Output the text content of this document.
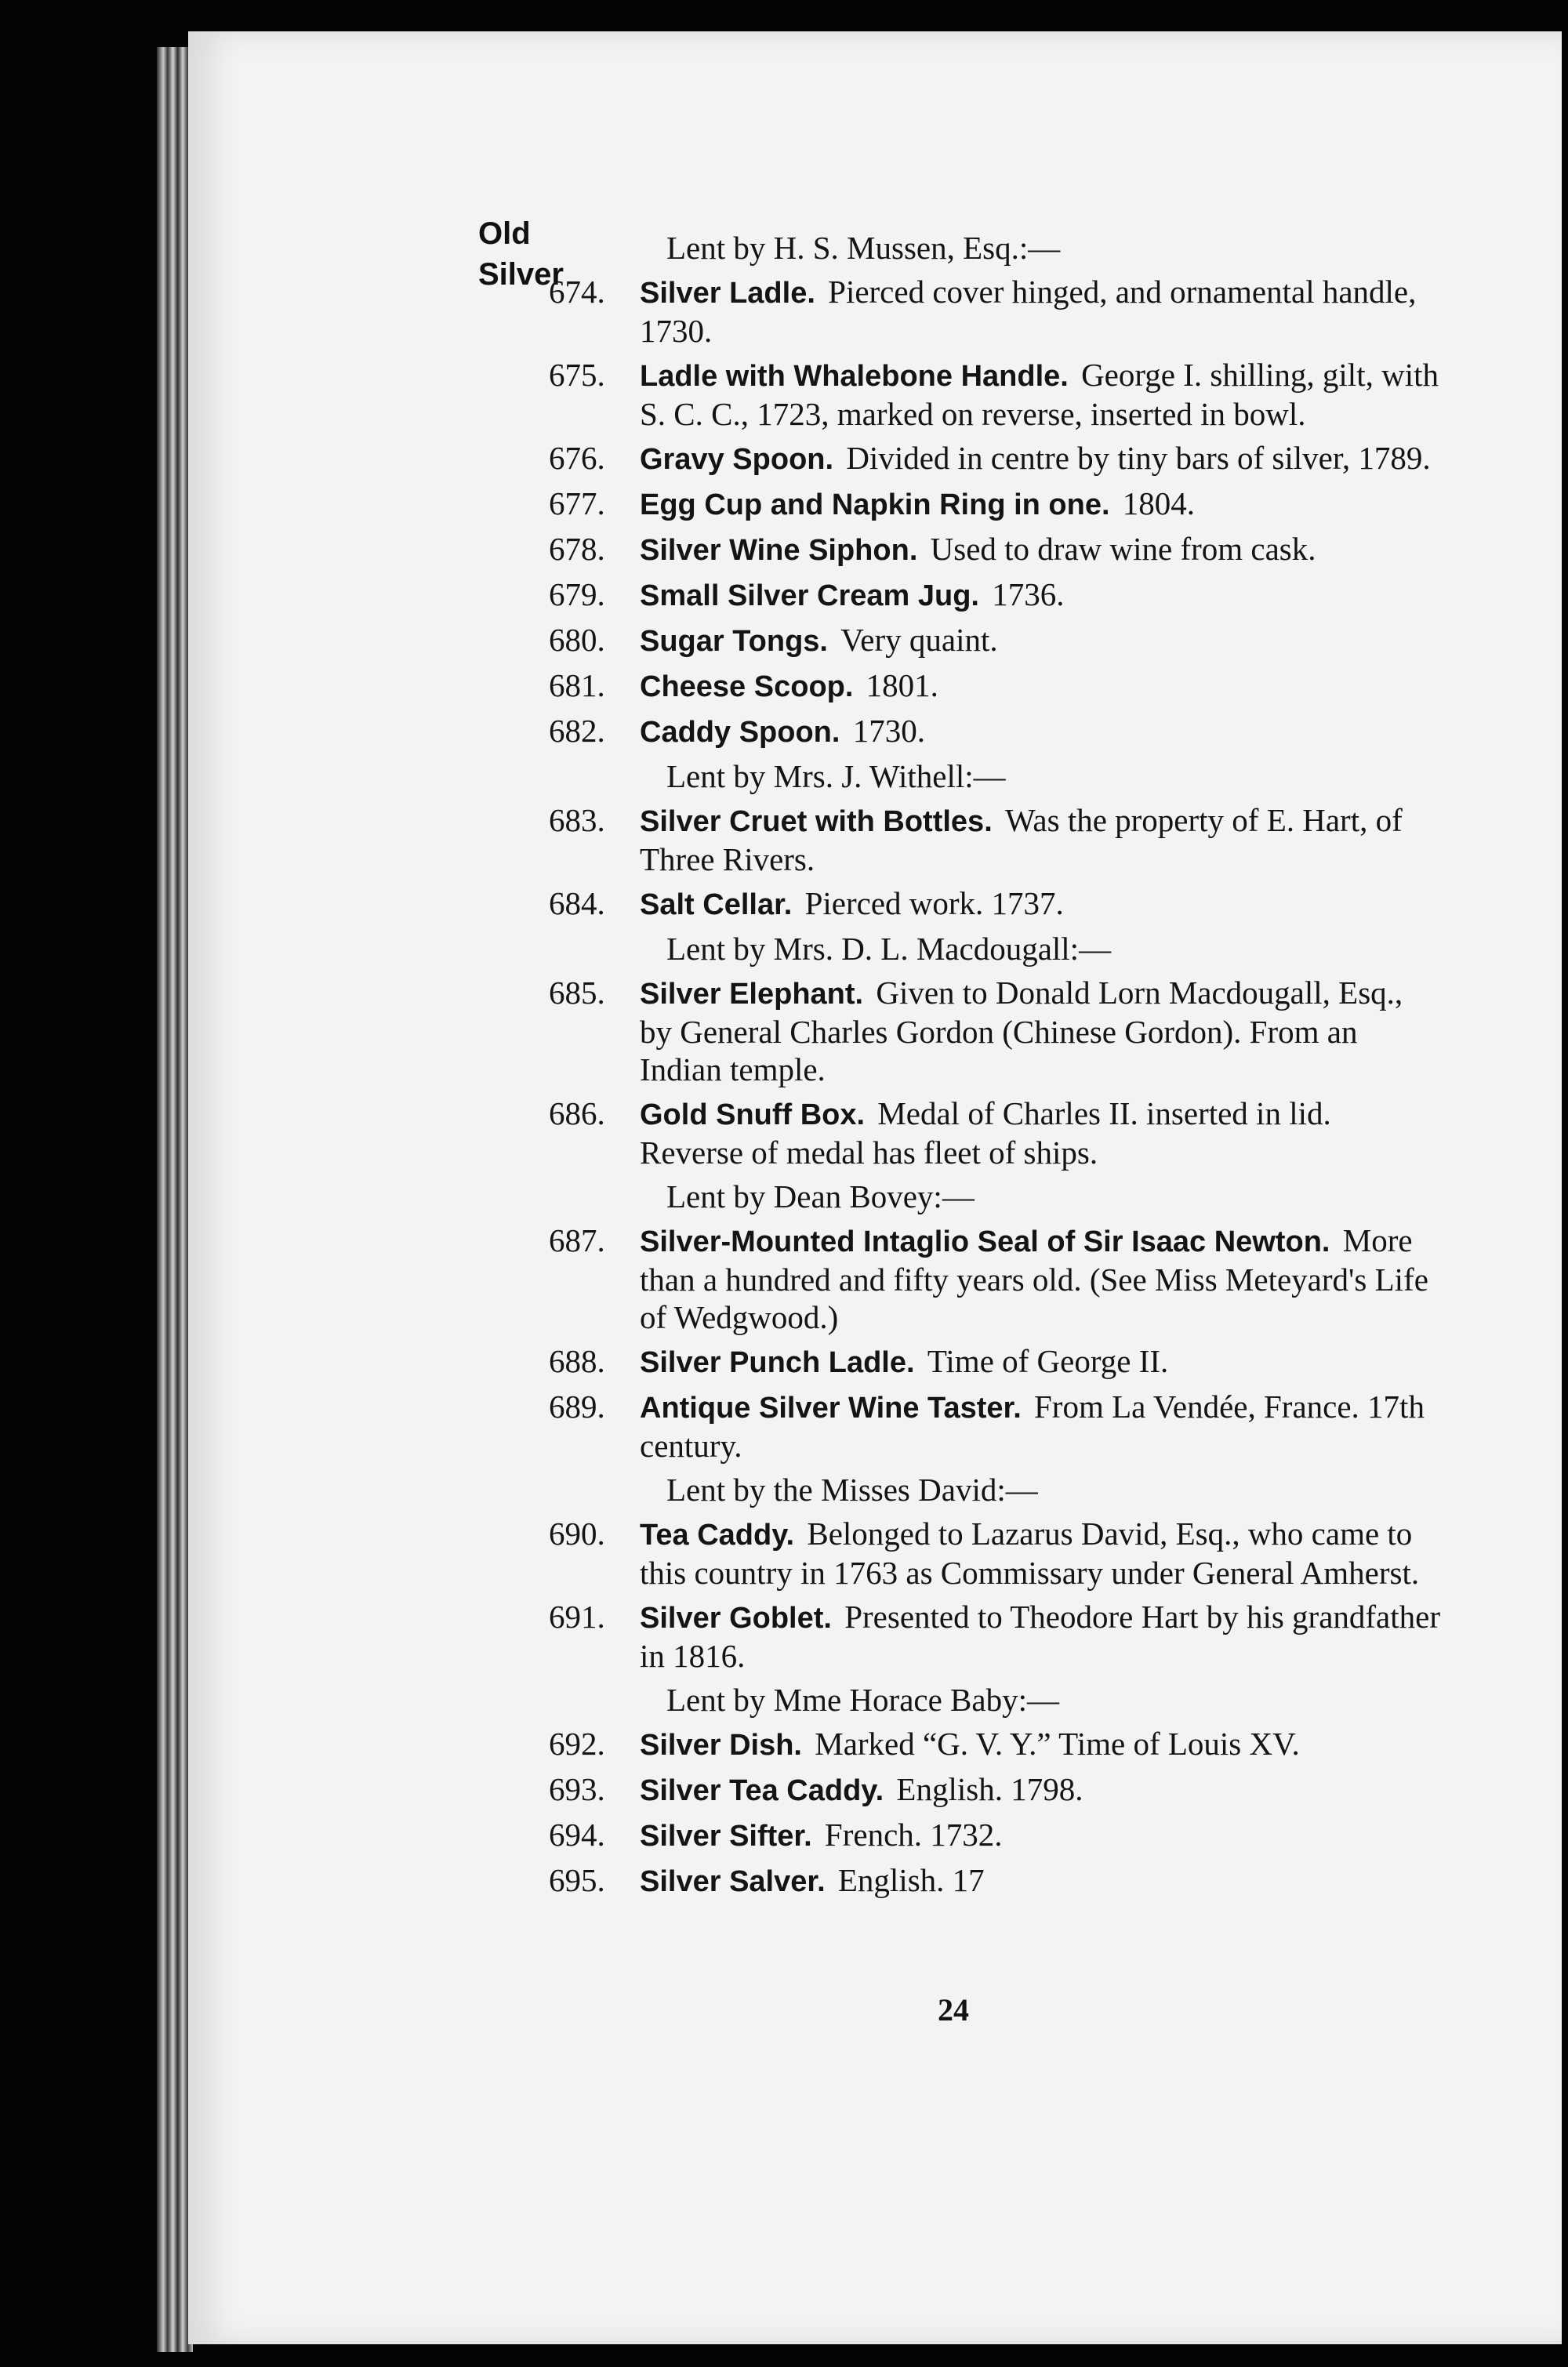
Old
Silver
Lent by H. S. Mussen, Esq.:—
674. Silver Ladle. Pierced cover hinged, and ornamental handle, 1730.
675. Ladle with Whalebone Handle. George I. shilling, gilt, with S. C. C., 1723, marked on reverse, inserted in bowl.
676. Gravy Spoon. Divided in centre by tiny bars of silver, 1789.
677. Egg Cup and Napkin Ring in one. 1804.
678. Silver Wine Siphon. Used to draw wine from cask.
679. Small Silver Cream Jug. 1736.
680. Sugar Tongs. Very quaint.
681. Cheese Scoop. 1801.
682. Caddy Spoon. 1730.
Lent by Mrs. J. Withell:—
683. Silver Cruet with Bottles. Was the property of E. Hart, of Three Rivers.
684. Salt Cellar. Pierced work. 1737.
Lent by Mrs. D. L. Macdougall:—
685. Silver Elephant. Given to Donald Lorn Macdougall, Esq., by General Charles Gordon (Chinese Gordon). From an Indian temple.
686. Gold Snuff Box. Medal of Charles II. inserted in lid. Reverse of medal has fleet of ships.
Lent by Dean Bovey:—
687. Silver-Mounted Intaglio Seal of Sir Isaac Newton. More than a hundred and fifty years old. (See Miss Meteyard's Life of Wedgwood.)
688. Silver Punch Ladle. Time of George II.
689. Antique Silver Wine Taster. From La Vendée, France. 17th century.
Lent by the Misses David:—
690. Tea Caddy. Belonged to Lazarus David, Esq., who came to this country in 1763 as Commissary under General Amherst.
691. Silver Goblet. Presented to Theodore Hart by his grandfather in 1816.
Lent by Mme Horace Baby:—
692. Silver Dish. Marked “G. V. Y.” Time of Louis XV.
693. Silver Tea Caddy. English. 1798.
694. Silver Sifter. French. 1732.
695. Silver Salver. English. 17
24
